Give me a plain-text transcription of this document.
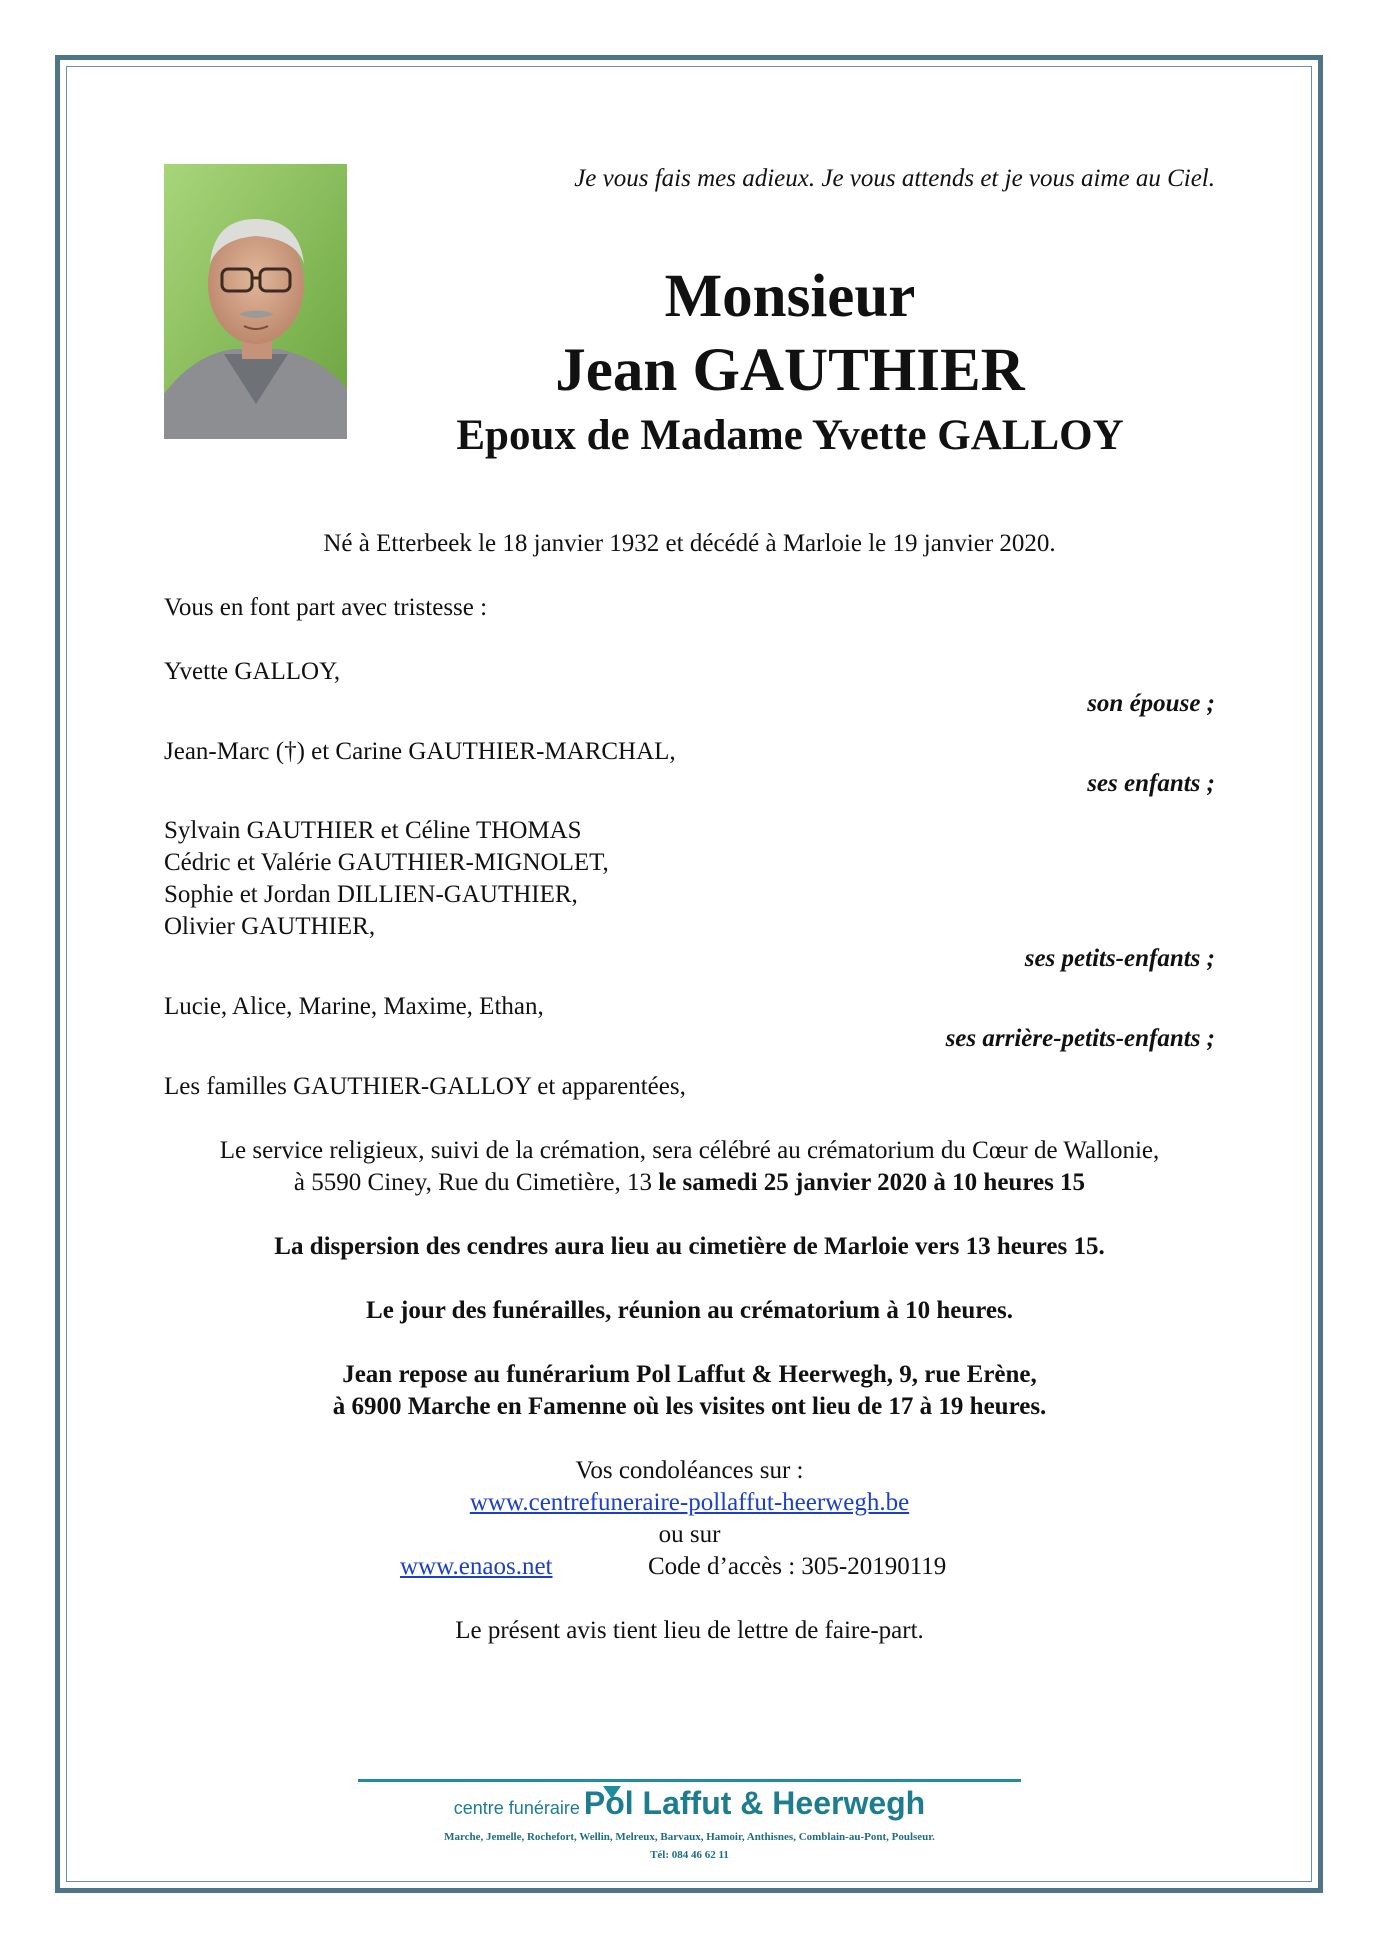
Je vous fais mes adieux. Je vous attends et je vous aime au Ciel.
Monsieur
Jean GAUTHIER
Epoux de Madame Yvette GALLOY
Né à Etterbeek le 18 janvier 1932 et décédé à Marloie le 19 janvier 2020.
Vous en font part avec tristesse :
Yvette GALLOY,
son épouse ;
Jean-Marc (†) et Carine GAUTHIER-MARCHAL,
ses enfants ;
Sylvain GAUTHIER et Céline THOMAS
Cédric et Valérie GAUTHIER-MIGNOLET,
Sophie et Jordan DILLIEN-GAUTHIER,
Olivier GAUTHIER,
ses petits-enfants ;
Lucie, Alice, Marine, Maxime, Ethan,
ses arrière-petits-enfants ;
Les familles GAUTHIER-GALLOY et apparentées,
Le service religieux, suivi de la crémation, sera célébré au crématorium du Cœur de Wallonie,
à 5590 Ciney, Rue du Cimetière, 13 le samedi 25 janvier 2020 à 10 heures 15
La dispersion des cendres aura lieu au cimetière de Marloie vers 13 heures 15.
Le jour des funérailles, réunion au crématorium à 10 heures.
Jean repose au funérarium Pol Laffut & Heerwegh, 9, rue Erène,
à 6900 Marche en Famenne où les visites ont lieu de 17 à 19 heures.
Vos condoléances sur :
www.centrefuneraire-pollaffut-heerwegh.be
ou sur
www.enaos.net	Code d’accès : 305-20190119
Le présent avis tient lieu de lettre de faire-part.
centre funéraire Pol Laffut & Heerwegh
Marche, Jemelle, Rochefort, Wellin, Melreux, Barvaux, Hamoir, Anthisnes, Comblain-au-Pont, Poulseur.
Tél: 084 46 62 11
